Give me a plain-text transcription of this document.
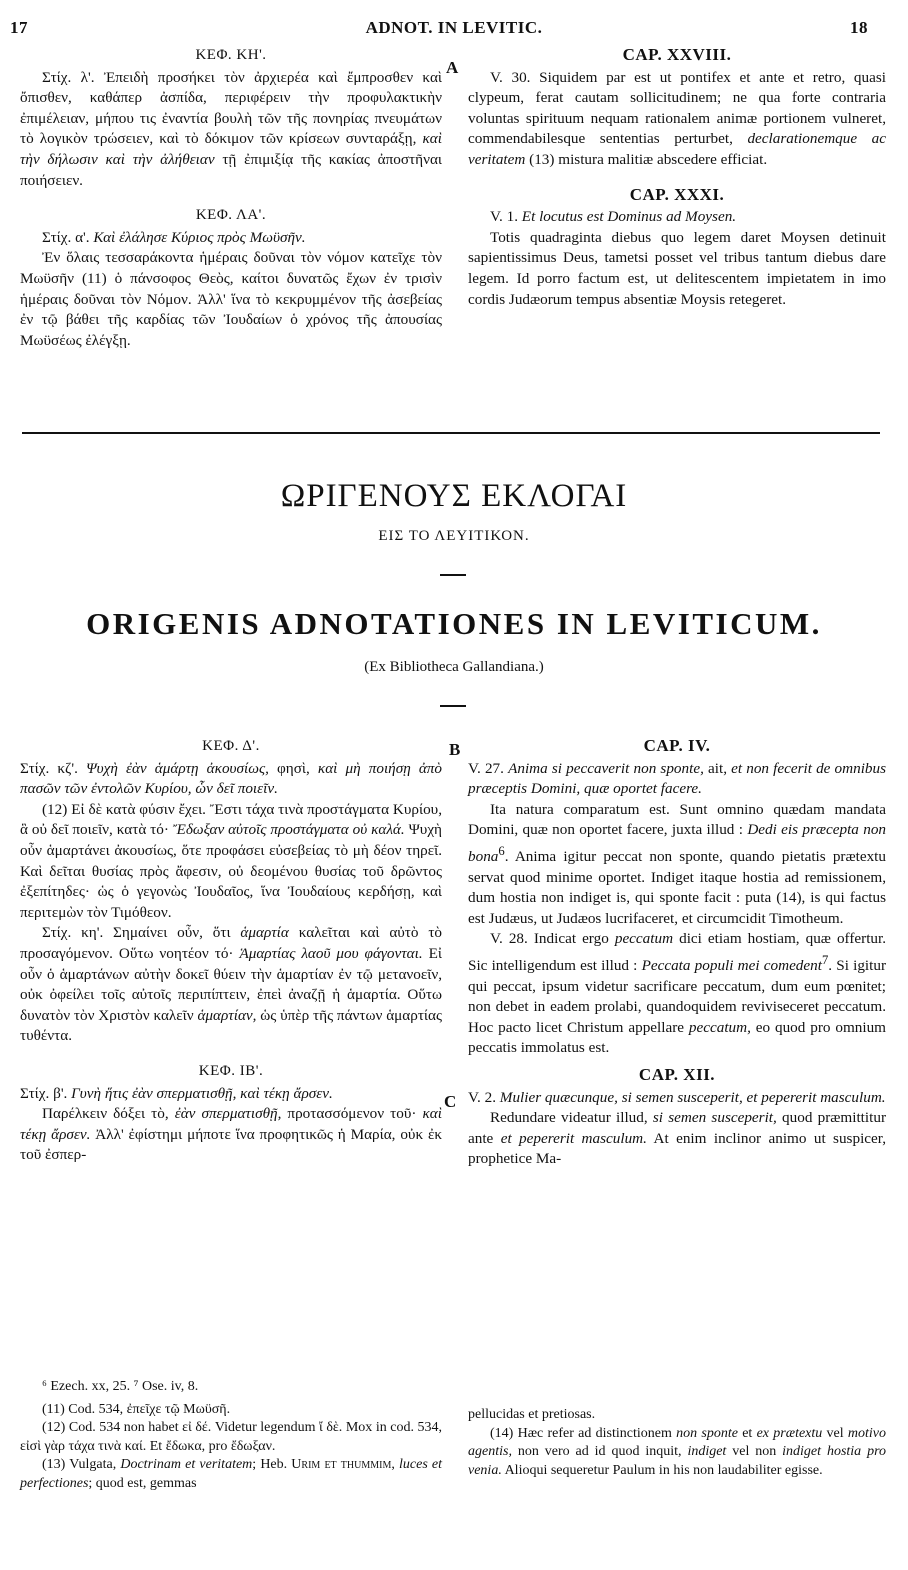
17	ADNOT. IN LEVITIC.	18
ΚΕΦ. ΚΗ'.

Στίχ. λ'. Ἐπειδὴ προσήκει τὸν ἀρχιερέα καὶ ἔμπροσθεν καὶ ὄπισθεν, καθάπερ ἀσπίδα, περιφέρειν τὴν προφυλακτικὴν ἐπιμέλειαν, μήπου τις ἐναντία βουλὴ τῶν τῆς πονηρίας πνευμάτων τὸ λογικὸν τρώσειεν, καὶ τὸ δόκιμον τῶν κρίσεων συνταράξῃ, καὶ τὴν δήλωσιν καὶ τὴν ἀλήθειαν τῇ ἐπιμιξίᾳ τῆς κακίας ἀποστῆναι ποιήσειεν.

ΚΕΦ. ΛΑ'.

Στίχ. α'. Καὶ ἐλάλησε Κύριος πρὸς Μωϋσῆν.

Ἐν ὅλαις τεσσαράκοντα ἡμέραις δοῦναι τὸν νόμον κατεῖχε τὸν Μωϋσῆν (11) ὁ πάνσοφος Θεὸς, καίτοι δυνατῶς ἔχων ἐν τρισὶν ἡμέραις δοῦναι τὸν Νόμον. Ἀλλ' ἵνα τὸ κεκρυμμένον τῆς ἀσεβείας ἐν τῷ βάθει τῆς καρδίας τῶν Ἰουδαίων ὁ χρόνος τῆς ἀπουσίας Μωϋσέως ἐλέγξῃ.

A
CAP. XXVIII.

V. 30. Siquidem par est ut pontifex et ante et retro, quasi clypeum, ferat cautam sollicitudinem; ne qua forte contraria voluntas spirituum nequam rationalem animæ portionem vulneret, commendabilesque sententias perturbet, declarationemque ac veritatem (13) mistura malitiæ abscedere efficiat.

CAP. XXXI.

V. 1. Et locutus est Dominus ad Moysen.

Totis quadraginta diebus quo legem daret Moysen detinuit sapientissimus Deus, tametsi posset vel tribus tantum diebus dare legem. Id porro factum est, ut delitescentem impietatem in imo cordis Judæorum tempus absentiæ Moysis retegeret.

ΩΡΙΓΕΝΟΥΣ ΕΚΛΟΓΑΙ
ΕΙΣ ΤΟ ΛΕΥΙΤΙΚΟΝ.
ORIGENIS ADNOTATIONES IN LEVITICUM.
(Ex Bibliotheca Gallandiana.)
ΚΕΦ. Δ'.

Στίχ. κζ'. Ψυχὴ ἐὰν ἁμάρτῃ ἀκουσίως, φησὶ, καὶ μὴ ποιήσῃ ἀπὸ πασῶν τῶν ἐντολῶν Κυρίου, ὧν δεῖ ποιεῖν.

(12) Εἰ δὲ κατὰ φύσιν ἔχει. Ἔστι τάχα τινὰ προστάγματα Κυρίου, ἃ οὐ δεῖ ποιεῖν, κατὰ τό· Ἔδωξαν αὐτοῖς προστάγματα οὐ καλά. Ψυχὴ οὖν ἁμαρτάνει ἀκουσίως, ὅτε προφάσει εὐσεβείας τὸ μὴ δέον τηρεῖ. Καὶ δεῖται θυσίας πρὸς ἄφεσιν, οὐ δεομένου θυσίας τοῦ δρῶντος ἐξεπίτηδες· ὡς ὁ γεγονὼς Ἰουδαῖος, ἵνα Ἰουδαίους κερδήσῃ, καὶ περιτεμὼν τὸν Τιμόθεον.

Στίχ. κη'. Σημαίνει οὖν, ὅτι ἁμαρτία καλεῖται καὶ αὐτὸ τὸ προσαγόμενον. Οὕτω νοητέον τό· Ἁμαρτίας λαοῦ μου φάγονται. Εἰ οὖν ὁ ἁμαρτάνων αὐτὴν δοκεῖ θύειν τὴν ἁμαρτίαν ἐν τῷ μετανοεῖν, οὐκ ὀφείλει τοῖς αὐτοῖς περιπίπτειν, ἐπεὶ ἀναζῇ ἡ ἁμαρτία. Οὕτω δυνατὸν τὸν Χριστὸν καλεῖν ἁμαρτίαν, ὡς ὑπὲρ τῆς πάντων ἁμαρτίας τυθέντα.

ΚΕΦ. ΙΒ'.

Στίχ. β'. Γυνὴ ἥτις ἐὰν σπερματισθῇ, καὶ τέκῃ ἄρσεν.

Παρέλκειν δόξει τὸ, ἐὰν σπερματισθῇ, προτασσόμενον τοῦ· καὶ τέκῃ ἄρσεν. Ἀλλ' ἐφίστημι μήποτε ἵνα προφητικῶς ἡ Μαρία, οὐκ ἐκ τοῦ ἐσπερ-

B
C
CAP. IV.

V. 27. Anima si peccaverit non sponte, ait, et non fecerit de omnibus præceptis Domini, quæ oportet facere.

Ita natura comparatum est. Sunt omnino quædam mandata Domini, quæ non oportet facere, juxta illud : Dedi eis præcepta non bona$^6$. Anima igitur peccat non sponte, quando pietatis prætextu servat quod minime oportet. Indiget itaque hostia ad remissionem, dum hostia non indiget is, qui sponte facit : puta (14), is qui factus est Judæus, ut Judæos lucrifaceret, et circumcidit Timotheum.

V. 28. Indicat ergo peccatum dici etiam hostiam, quæ offertur. Sic intelligendum est illud : Peccata populi mei comedent$^7$. Si igitur qui peccat, ipsum videtur sacrificare peccatum, dum eum pœnitet; non debet in eadem prolabi, quandoquidem reviviseceret peccatum. Hoc pacto licet Christum appellare peccatum, eo quod pro omnium peccatis immolatus est.

CAP. XII.

V. 2. Mulier quæcunque, si semen susceperit, et pepererit masculum.

Redundare videatur illud, si semen susceperit, quod præmittitur ante et pepererit masculum. At enim inclinor animo ut suspicer, prophetice Ma-

⁶ Ezech. xx, 25. ⁷ Ose. iv, 8.

(11) Cod. 534, ἐπεῖχε τῷ Μωϋσῆ.

(12) Cod. 534 non habet εἰ δέ. Videtur legendum ἴ δὲ. Mox in cod. 534, εἰσὶ γὰρ τάχα τινὰ καί. Et ἔδωκα, pro ἔδωξαν.

(13) Vulgata, Doctrinam et veritatem; Heb. Urim et thummim, luces et perfectiones; quod est, gemmas

pellucidas et pretiosas.

(14) Hæc refer ad distinctionem non sponte et ex prætextu vel motivo agentis, non vero ad id quod inquit, indiget vel non indiget hostia pro venia. Alioqui sequeretur Paulum in his non laudabiliter egisse.
